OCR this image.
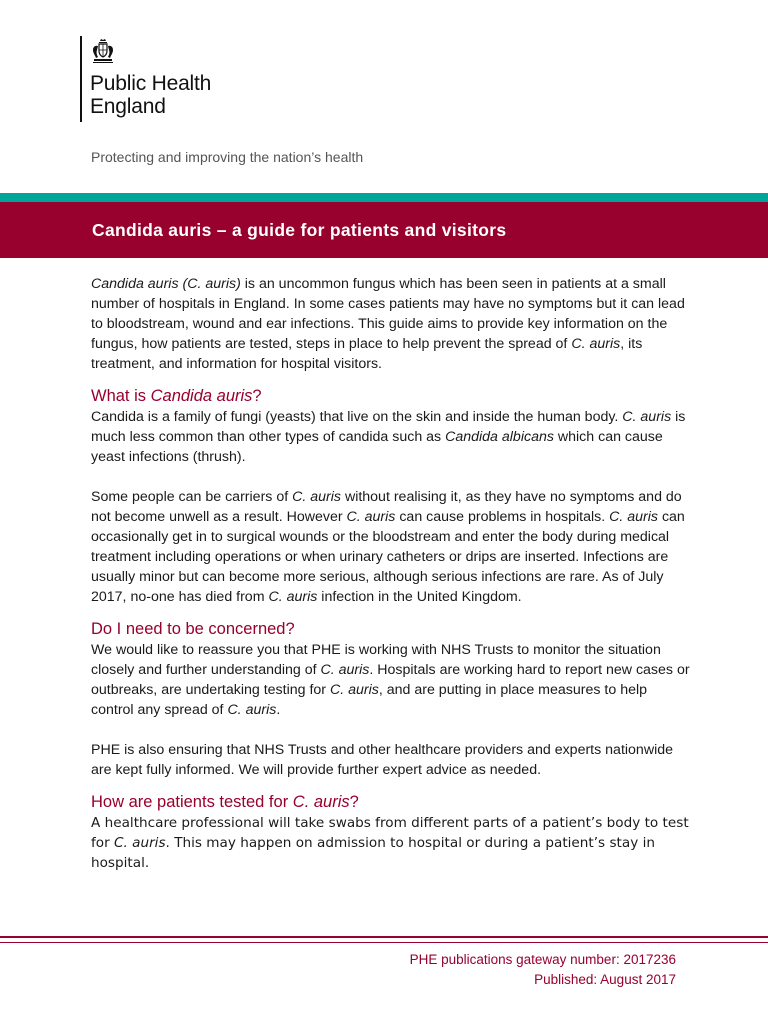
Public Health
England
Protecting and improving the nation’s health
Candida auris – a guide for patients and visitors

Candida auris (C. auris) is an uncommon fungus which has been seen in patients at a small number of hospitals in England. In some cases patients may have no symptoms but it can lead to bloodstream, wound and ear infections. This guide aims to provide key information on the fungus, how patients are tested, steps in place to help prevent the spread of C. auris, its treatment, and information for hospital visitors.

What is Candida auris?

Candida is a family of fungi (yeasts) that live on the skin and inside the human body. C. auris is much less common than other types of candida such as Candida albicans which can cause yeast infections (thrush).

Some people can be carriers of C. auris without realising it, as they have no symptoms and do not become unwell as a result. However C. auris can cause problems in hospitals. C. auris can occasionally get in to surgical wounds or the bloodstream and enter the body during medical treatment including operations or when urinary catheters or drips are inserted. Infections are usually minor but can become more serious, although serious infections are rare. As of July 2017, no-one has died from C. auris infection in the United Kingdom.

Do I need to be concerned?

We would like to reassure you that PHE is working with NHS Trusts to monitor the situation closely and further understanding of C. auris. Hospitals are working hard to report new cases or outbreaks, are undertaking testing for C. auris, and are putting in place measures to help control any spread of C. auris.

PHE is also ensuring that NHS Trusts and other healthcare providers and experts nationwide are kept fully informed. We will provide further expert advice as needed.

How are patients tested for C. auris?

A healthcare professional will take swabs from different parts of a patient’s body to test for C. auris. This may happen on admission to hospital or during a patient’s stay in hospital.

PHE publications gateway number: 2017236
Published: August 2017
